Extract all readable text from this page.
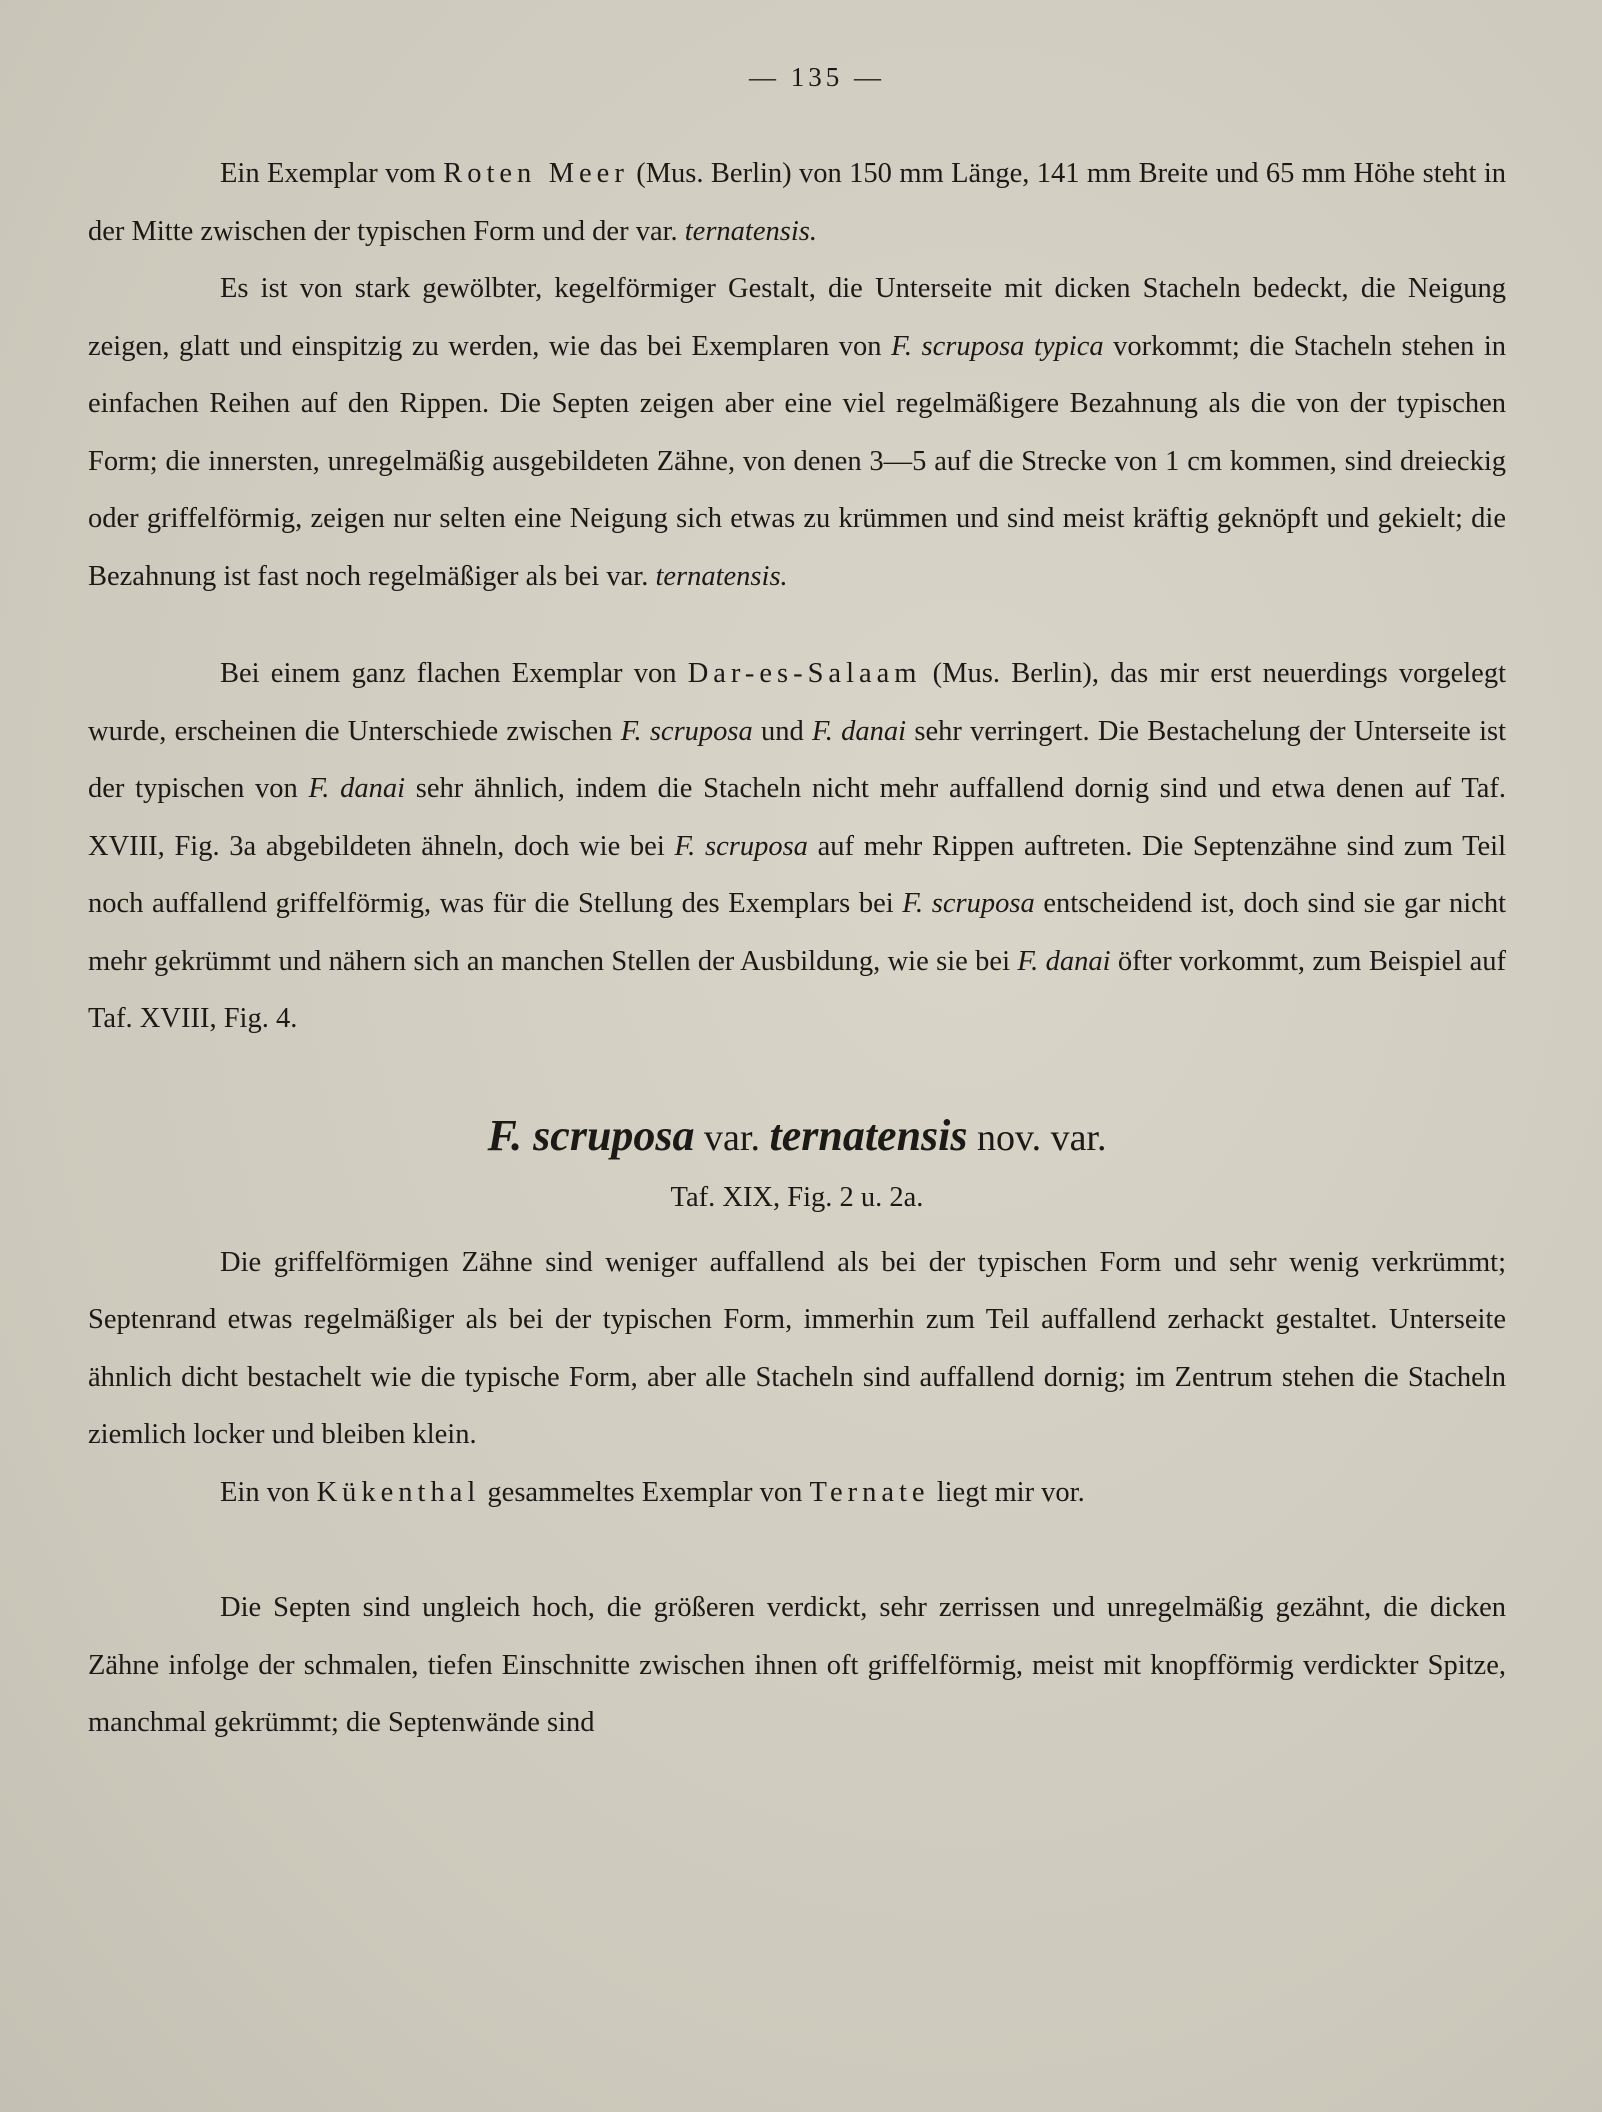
— 135 —

Ein Exemplar vom Roten Meer (Mus. Berlin) von 150 mm Länge, 141 mm Breite und 65 mm Höhe steht in der Mitte zwischen der typischen Form und der var. ternatensis.

Es ist von stark gewölbter, kegelförmiger Gestalt, die Unterseite mit dicken Stacheln bedeckt, die Neigung zeigen, glatt und einspitzig zu werden, wie das bei Exemplaren von F. scruposa typica vorkommt; die Stacheln stehen in einfachen Reihen auf den Rippen. Die Septen zeigen aber eine viel regelmäßigere Bezahnung als die von der typischen Form; die innersten, unregelmäßig ausgebildeten Zähne, von denen 3—5 auf die Strecke von 1 cm kommen, sind dreieckig oder griffelförmig, zeigen nur selten eine Neigung sich etwas zu krümmen und sind meist kräftig geknöpft und gekielt; die Bezahnung ist fast noch regelmäßiger als bei var. ternatensis.

Bei einem ganz flachen Exemplar von Dar-es-Salaam (Mus. Berlin), das mir erst neuerdings vorgelegt wurde, erscheinen die Unterschiede zwischen F. scruposa und F. danai sehr verringert. Die Bestachelung der Unterseite ist der typischen von F. danai sehr ähnlich, indem die Stacheln nicht mehr auffallend dornig sind und etwa denen auf Taf. XVIII, Fig. 3a abgebildeten ähneln, doch wie bei F. scruposa auf mehr Rippen auftreten. Die Septenzähne sind zum Teil noch auffallend griffelförmig, was für die Stellung des Exemplars bei F. scruposa entscheidend ist, doch sind sie gar nicht mehr gekrümmt und nähern sich an manchen Stellen der Ausbildung, wie sie bei F. danai öfter vorkommt, zum Beispiel auf Taf. XVIII, Fig. 4.

F. scruposa var. ternatensis nov. var.
Taf. XIX, Fig. 2 u. 2a.

Die griffelförmigen Zähne sind weniger auffallend als bei der typischen Form und sehr wenig verkrümmt; Septenrand etwas regelmäßiger als bei der typischen Form, immerhin zum Teil auffallend zerhackt gestaltet. Unterseite ähnlich dicht bestachelt wie die typische Form, aber alle Stacheln sind auffallend dornig; im Zentrum stehen die Stacheln ziemlich locker und bleiben klein.

Ein von Kükenthal gesammeltes Exemplar von Ternate liegt mir vor.

Die Septen sind ungleich hoch, die größeren verdickt, sehr zerrissen und unregelmäßig gezähnt, die dicken Zähne infolge der schmalen, tiefen Einschnitte zwischen ihnen oft griffelförmig, meist mit knopfförmig verdickter Spitze, manchmal gekrümmt; die Septenwände sind
